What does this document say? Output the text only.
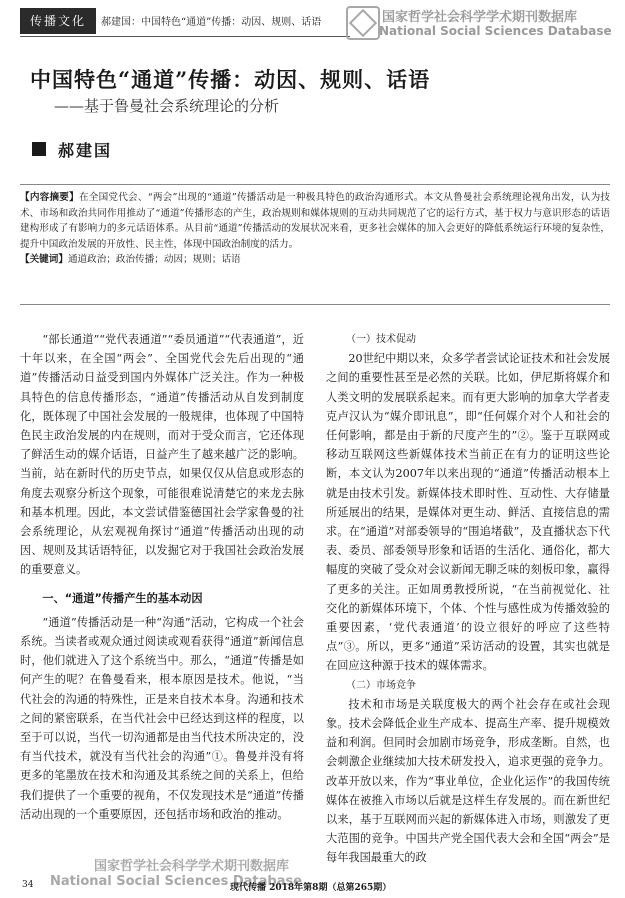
传播文化	郝建国：中国特色“通道”传播：动因、规则、话语	国家哲学社会科学学术期刊数据库
National Social Sciences Database
中国特色“通道”传播：动因、规则、话语
——基于鲁曼社会系统理论的分析
郝建国
【内容摘要】在全国党代会、“两会”出现的“通道”传播活动是一种极具特色的政治沟通形式。本文从鲁曼社会系统理论视角出发，认为技术、市场和政治共同作用推动了“通道”传播形态的产生，政治规则和媒体规则的互动共同规范了它的运行方式，基于权力与意识形态的话语建构形成了有影响力的多元话语体系。从目前“通道”传播活动的发展状况来看，更多社会媒体的加入会更好的降低系统运行环境的复杂性，提升中国政治发展的开放性、民主性，体现中国政治制度的活力。
【关键词】通道政治；政治传播；动因；规则；话语

“部长通道”“党代表通道”“委员通道”“代表通道”，近十年以来，在全国“两会”、全国党代会先后出现的“通道”传播活动日益受到国内外媒体广泛关注。作为一种极具特色的信息传播形态，“通道”传播活动从自发到制度化，既体现了中国社会发展的一般规律，也体现了中国特色民主政治发展的内在规则，而对于受众而言，它还体现了鲜活生动的媒介话语，日益产生了越来越广泛的影响。当前，站在新时代的历史节点，如果仅仅从信息或形态的角度去观察分析这个现象，可能很难说清楚它的来龙去脉和基本机理。因此，本文尝试借鉴德国社会学家鲁曼的社会系统理论，从宏观视角探讨“通道”传播活动出现的动因、规则及其话语特征，以发掘它对于我国社会政治发展的重要意义。

一、“通道”传播产生的基本动因

“通道”传播活动是一种“沟通”活动，它构成一个社会系统。当读者或观众通过阅读或观看获得“通道”新闻信息时，他们就进入了这个系统当中。那么，“通道”传播是如何产生的呢？在鲁曼看来，根本原因是技术。他说，“当代社会的沟通的特殊性，正是来自技术本身。沟通和技术之间的紧密联系，在当代社会中已经达到这样的程度，以至于可以说，当代一切沟通都是由当代技术所决定的，没有当代技术，就没有当代社会的沟通”①。鲁曼并没有将更多的笔墨放在技术和沟通及其系统之间的关系上，但给我们提供了一个重要的视角，不仅发现技术是“通道”传播活动出现的一个重要原因，还包括市场和政治的推动。

（一）技术促动

20世纪中期以来，众多学者尝试论证技术和社会发展之间的重要性甚至是必然的关联。比如，伊尼斯将媒介和人类文明的发展联系起来。而有更大影响的加拿大学者麦克卢汉认为“媒介即讯息”，即“任何媒介对个人和社会的任何影响，都是由于新的尺度产生的”②。鉴于互联网或移动互联网这些新媒体技术当前正在有力的证明这些论断，本文认为2007年以来出现的“通道”传播活动根本上就是由技术引发。新媒体技术即时性、互动性、大存储量所延展出的结果，是媒体对更生动、鲜活、直接信息的需求。在“通道”对部委领导的“围追堵截”，及直播状态下代表、委员、部委领导形象和话语的生活化、通俗化，都大幅度的突破了受众对会议新闻无聊乏味的刻板印象，赢得了更多的关注。正如周勇教授所说，“在当前视觉化、社交化的新媒体环境下，个体、个性与感性成为传播效验的重要因素，‘党代表通道’的设立很好的呼应了这些特点”③。所以，更多“通道”采访活动的设置，其实也就是在回应这种源于技术的媒体需求。

（二）市场竞争

技术和市场是关联度极大的两个社会存在或社会现象。技术会降低企业生产成本、提高生产率、提升规模效益和利润。但同时会加剧市场竞争，形成垄断。自然，也会刺激企业继续加大技术研发投入，追求更强的竞争力。改革开放以来，作为“事业单位，企业化运作”的我国传统媒体在被推入市场以后就是这样生存发展的。而在新世纪以来，基于互联网而兴起的新媒体进入市场，则激发了更大范围的竞争。中国共产党全国代表大会和全国“两会”是每年我国最重大的政

国家哲学社会科学学术期刊数据库
National Social Sciences Database
34	现代传播 2018年第8期（总第265期）
